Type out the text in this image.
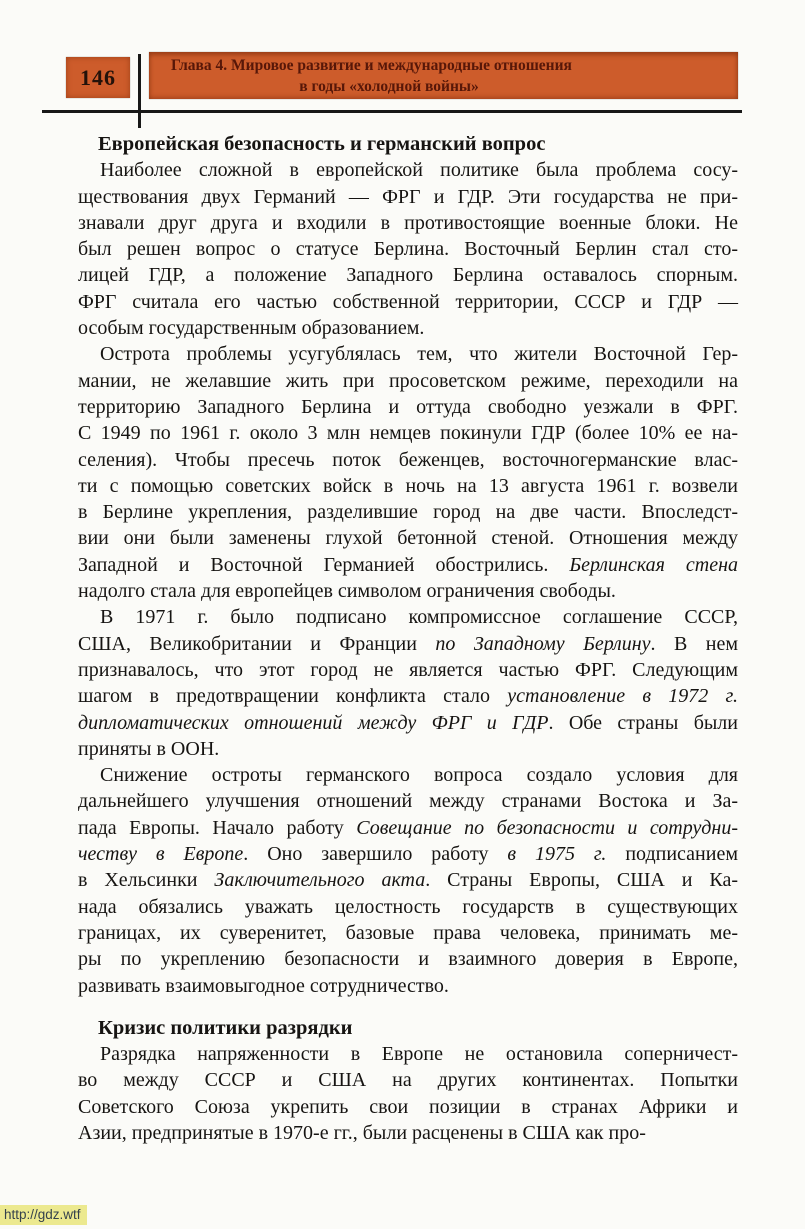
146	Глава 4. Мировое развитие и международные отношения
в годы «холодной войны»
Европейская безопасность и германский вопрос
Наиболее сложной в европейской политике была проблема сосу-
ществования двух Германий — ФРГ и ГДР. Эти государства не при-
знавали друг друга и входили в противостоящие военные блоки. Не
был решен вопрос о статусе Берлина. Восточный Берлин стал сто-
лицей ГДР, а положение Западного Берлина оставалось спорным.
ФРГ считала его частью собственной территории, СССР и ГДР —
особым государственным образованием.
Острота проблемы усугублялась тем, что жители Восточной Гер-
мании, не желавшие жить при просоветском режиме, переходили на
территорию Западного Берлина и оттуда свободно уезжали в ФРГ.
С 1949 по 1961 г. около 3 млн немцев покинули ГДР (более 10% ее на-
селения). Чтобы пресечь поток беженцев, восточногерманские влас-
ти с помощью советских войск в ночь на 13 августа 1961 г. возвели
в Берлине укрепления, разделившие город на две части. Впоследст-
вии они были заменены глухой бетонной стеной. Отношения между
Западной и Восточной Германией обострились. Берлинская стена
надолго стала для европейцев символом ограничения свободы.
В 1971 г. было подписано компромиссное соглашение СССР,
США, Великобритании и Франции по Западному Берлину. В нем
признавалось, что этот город не является частью ФРГ. Следующим
шагом в предотвращении конфликта стало установление в 1972 г.
дипломатических отношений между ФРГ и ГДР. Обе страны были
приняты в ООН.
Снижение остроты германского вопроса создало условия для
дальнейшего улучшения отношений между странами Востока и За-
пада Европы. Начало работу Совещание по безопасности и сотрудни-
честву в Европе. Оно завершило работу в 1975 г. подписанием
в Хельсинки Заключительного акта. Страны Европы, США и Ка-
нада обязались уважать целостность государств в существующих
границах, их суверенитет, базовые права человека, принимать ме-
ры по укреплению безопасности и взаимного доверия в Европе,
развивать взаимовыгодное сотрудничество.
Кризис политики разрядки
Разрядка напряженности в Европе не остановила соперничест-
во между СССР и США на других континентах. Попытки
Советского Союза укрепить свои позиции в странах Африки и
Азии, предпринятые в 1970-е гг., были расценены в США как про-
http://gdz.wtf
